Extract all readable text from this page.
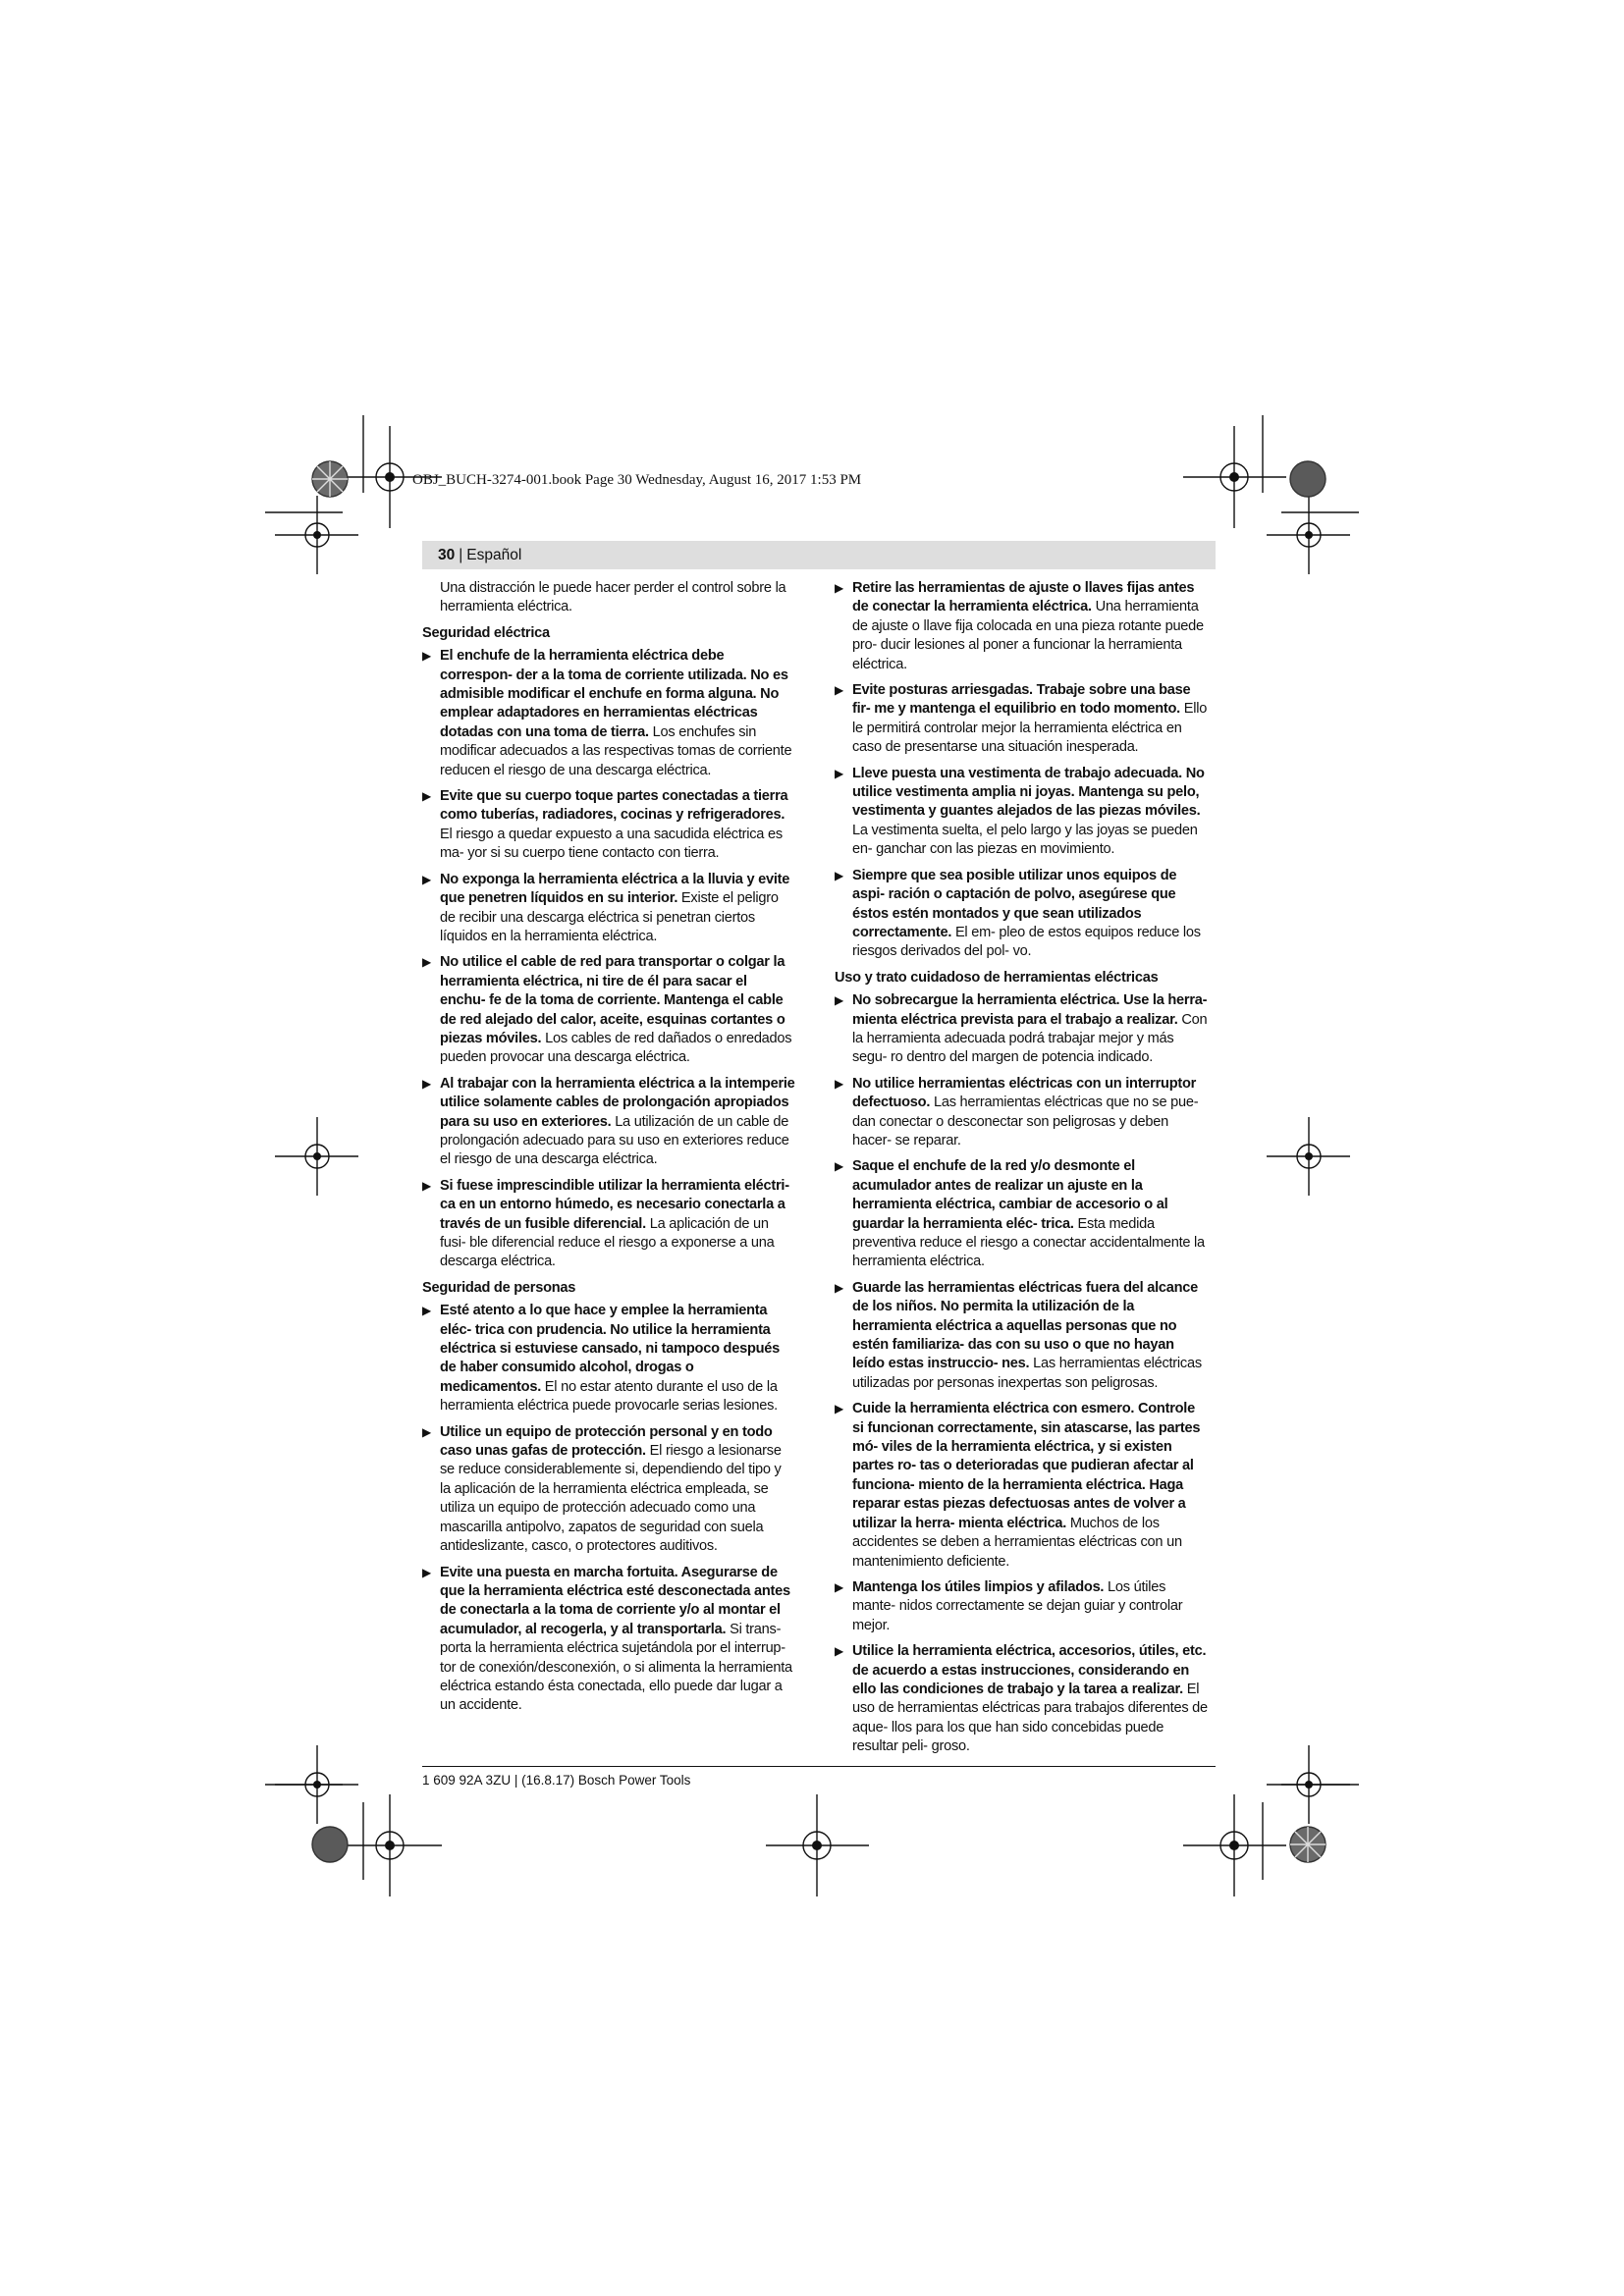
OBJ_BUCH-3274-001.book Page 30 Wednesday, August 16, 2017 1:53 PM
30 | Español

Una distracción le puede hacer perder el control sobre la herramienta eléctrica.

Seguridad eléctrica

▶ El enchufe de la herramienta eléctrica debe correspon- der a la toma de corriente utilizada. No es admisible modificar el enchufe en forma alguna. No emplear adaptadores en herramientas eléctricas dotadas con una toma de tierra. Los enchufes sin modificar adecuados a las respectivas tomas de corriente reducen el riesgo de una descarga eléctrica.
▶ Evite que su cuerpo toque partes conectadas a tierra como tuberías, radiadores, cocinas y refrigeradores. El riesgo a quedar expuesto a una sacudida eléctrica es ma- yor si su cuerpo tiene contacto con tierra.
▶ No exponga la herramienta eléctrica a la lluvia y evite que penetren líquidos en su interior. Existe el peligro de recibir una descarga eléctrica si penetran ciertos líquidos en la herramienta eléctrica.
▶ No utilice el cable de red para transportar o colgar la herramienta eléctrica, ni tire de él para sacar el enchu- fe de la toma de corriente. Mantenga el cable de red alejado del calor, aceite, esquinas cortantes o piezas móviles. Los cables de red dañados o enredados pueden provocar una descarga eléctrica.
▶ Al trabajar con la herramienta eléctrica a la intemperie utilice solamente cables de prolongación apropiados para su uso en exteriores. La utilización de un cable de prolongación adecuado para su uso en exteriores reduce el riesgo de una descarga eléctrica.
▶ Si fuese imprescindible utilizar la herramienta eléctri- ca en un entorno húmedo, es necesario conectarla a través de un fusible diferencial. La aplicación de un fusi- ble diferencial reduce el riesgo a exponerse a una descarga eléctrica.

Seguridad de personas

▶ Esté atento a lo que hace y emplee la herramienta eléc- trica con prudencia. No utilice la herramienta eléctrica si estuviese cansado, ni tampoco después de haber consumido alcohol, drogas o medicamentos. El no estar atento durante el uso de la herramienta eléctrica puede provocarle serias lesiones.
▶ Utilice un equipo de protección personal y en todo caso unas gafas de protección. El riesgo a lesionarse se reduce considerablemente si, dependiendo del tipo y la aplicación de la herramienta eléctrica empleada, se utiliza un equipo de protección adecuado como una mascarilla antipolvo, zapatos de seguridad con suela antideslizante, casco, o protectores auditivos.
▶ Evite una puesta en marcha fortuita. Asegurarse de que la herramienta eléctrica esté desconectada antes de conectarla a la toma de corriente y/o al montar el acumulador, al recogerla, y al transportarla. Si trans- porta la herramienta eléctrica sujetándola por el interrup- tor de conexión/desconexión, o si alimenta la herramienta eléctrica estando ésta conectada, ello puede dar lugar a un accidente.
▶ Retire las herramientas de ajuste o llaves fijas antes de conectar la herramienta eléctrica. Una herramienta de ajuste o llave fija colocada en una pieza rotante puede pro- ducir lesiones al poner a funcionar la herramienta eléctrica.
▶ Evite posturas arriesgadas. Trabaje sobre una base fir- me y mantenga el equilibrio en todo momento. Ello le permitirá controlar mejor la herramienta eléctrica en caso de presentarse una situación inesperada.
▶ Lleve puesta una vestimenta de trabajo adecuada. No utilice vestimenta amplia ni joyas. Mantenga su pelo, vestimenta y guantes alejados de las piezas móviles. La vestimenta suelta, el pelo largo y las joyas se pueden en- ganchar con las piezas en movimiento.
▶ Siempre que sea posible utilizar unos equipos de aspi- ración o captación de polvo, asegúrese que éstos estén montados y que sean utilizados correctamente. El em- pleo de estos equipos reduce los riesgos derivados del pol- vo.

Uso y trato cuidadoso de herramientas eléctricas

▶ No sobrecargue la herramienta eléctrica. Use la herra- mienta eléctrica prevista para el trabajo a realizar. Con la herramienta adecuada podrá trabajar mejor y más segu- ro dentro del margen de potencia indicado.
▶ No utilice herramientas eléctricas con un interruptor defectuoso. Las herramientas eléctricas que no se pue- dan conectar o desconectar son peligrosas y deben hacer- se reparar.
▶ Saque el enchufe de la red y/o desmonte el acumulador antes de realizar un ajuste en la herramienta eléctrica, cambiar de accesorio o al guardar la herramienta eléc- trica. Esta medida preventiva reduce el riesgo a conectar accidentalmente la herramienta eléctrica.
▶ Guarde las herramientas eléctricas fuera del alcance de los niños. No permita la utilización de la herramienta eléctrica a aquellas personas que no estén familiariza- das con su uso o que no hayan leído estas instruccio- nes. Las herramientas eléctricas utilizadas por personas inexpertas son peligrosas.
▶ Cuide la herramienta eléctrica con esmero. Controle si funcionan correctamente, sin atascarse, las partes mó- viles de la herramienta eléctrica, y si existen partes ro- tas o deterioradas que pudieran afectar al funciona- miento de la herramienta eléctrica. Haga reparar estas piezas defectuosas antes de volver a utilizar la herra- mienta eléctrica. Muchos de los accidentes se deben a herramientas eléctricas con un mantenimiento deficiente.
▶ Mantenga los útiles limpios y afilados. Los útiles mante- nidos correctamente se dejan guiar y controlar mejor.
▶ Utilice la herramienta eléctrica, accesorios, útiles, etc. de acuerdo a estas instrucciones, considerando en ello las condiciones de trabajo y la tarea a realizar. El uso de herramientas eléctricas para trabajos diferentes de aque- llos para los que han sido concebidas puede resultar peli- groso.
1 609 92A 3ZU | (16.8.17) Bosch Power Tools
